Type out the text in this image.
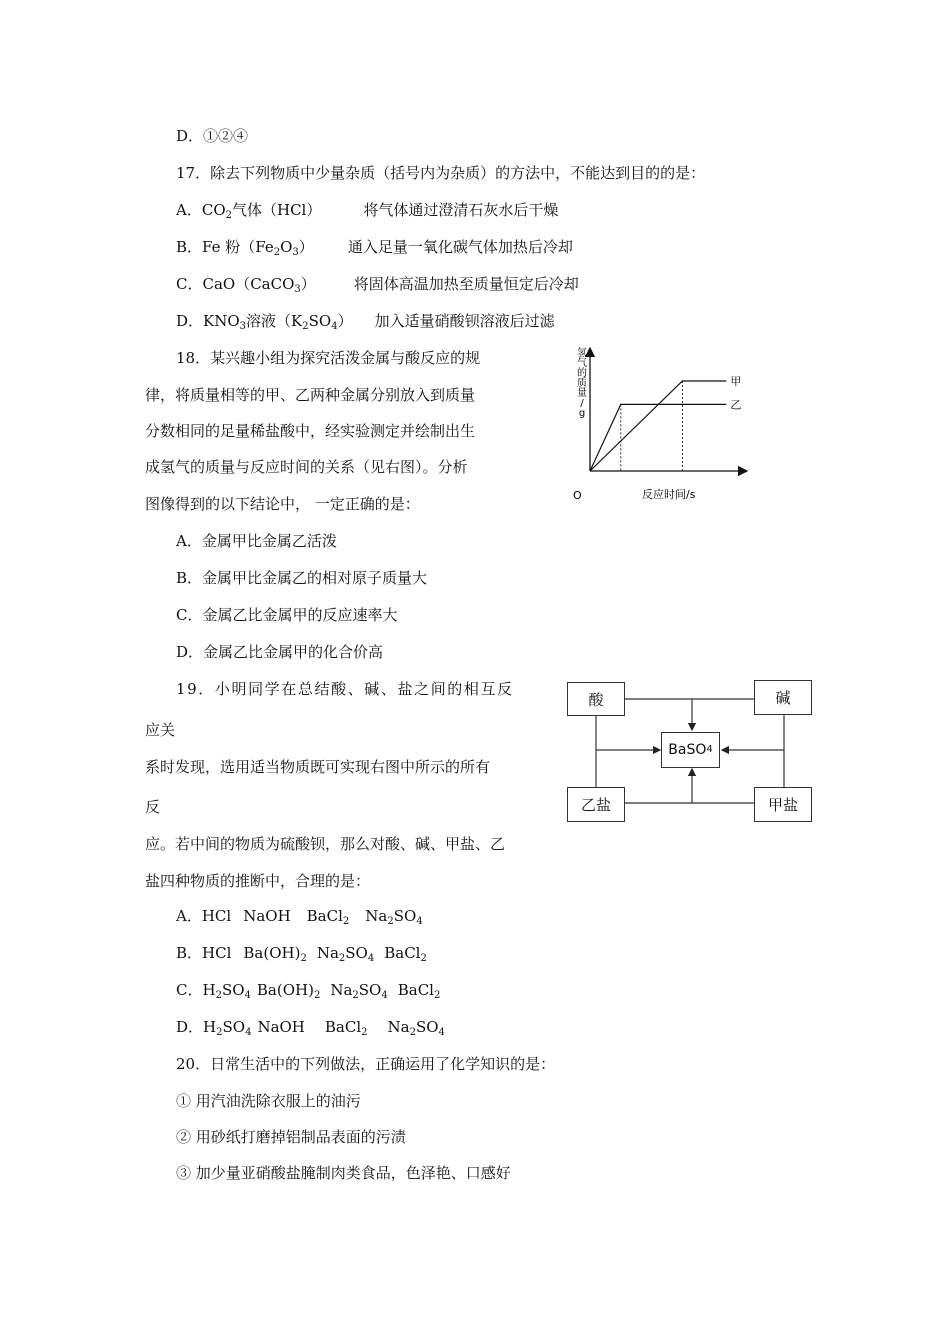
D．①②④
17．除去下列物质中少量杂质（括号内为杂质）的方法中，不能达到目的的是：
A．$CO_2$气体（HCl）	将气体通过澄清石灰水后干燥
B．Fe 粉$(Fe_2O_3)$ 通入足量一氧化碳气体加热后冷却
C．CaO（CaCO$_3$）	将固体高温加热至质量恒定后冷却
D．$KNO_3$溶液$(K_2SO_4)$ 加入适量硝酸钡溶液后过滤
18．某兴趣小组为探究活泼金属与酸反应的规
律，将质量相等的甲、乙两种金属分别放入到质量
分数相同的足量稀盐酸中，经实验测定并绘制出生
成氢气的质量与反应时间的关系（见右图）。分析
图像得到的以下结论中， 一定正确的是：
A．金属甲比金属乙活泼
B．金属甲比金属乙的相对原子质量大
C．金属乙比金属甲的反应速率大
D．金属乙比金属甲的化合价高
甲
乙
氢气的质量/ g
O	反应时间/s
19．小明同学在总结酸、碱、盐之间的相互反
应关
系时发现，选用适当物质既可实现右图中所示的所有
反
应。若中间的物质为硫酸钡，那么对酸、碱、甲盐、乙
盐四种物质的推断中，合理的是：
A．HCl NaOH BaCl$_2$ $Na_2SO_4$
B．HCl $Ba(OH)_2$ $Na_2SO_4$ BaCl$_2$
C．$H_2SO_4$ $Ba(OH)_2$ $Na_2SO_4$ BaCl$_2$
D．$H_2SO_4$ NaOH BaCl$_2$ $Na_2SO_4$
酸	碱
乙盐	甲盐
BaSO 4
20．日常生活中的下列做法，正确运用了化学知识的是：
① 用汽油洗除衣服上的油污
② 用砂纸打磨掉铝制品表面的污渍
③ 加少量亚硝酸盐腌制肉类食品，色泽艳、口感好
